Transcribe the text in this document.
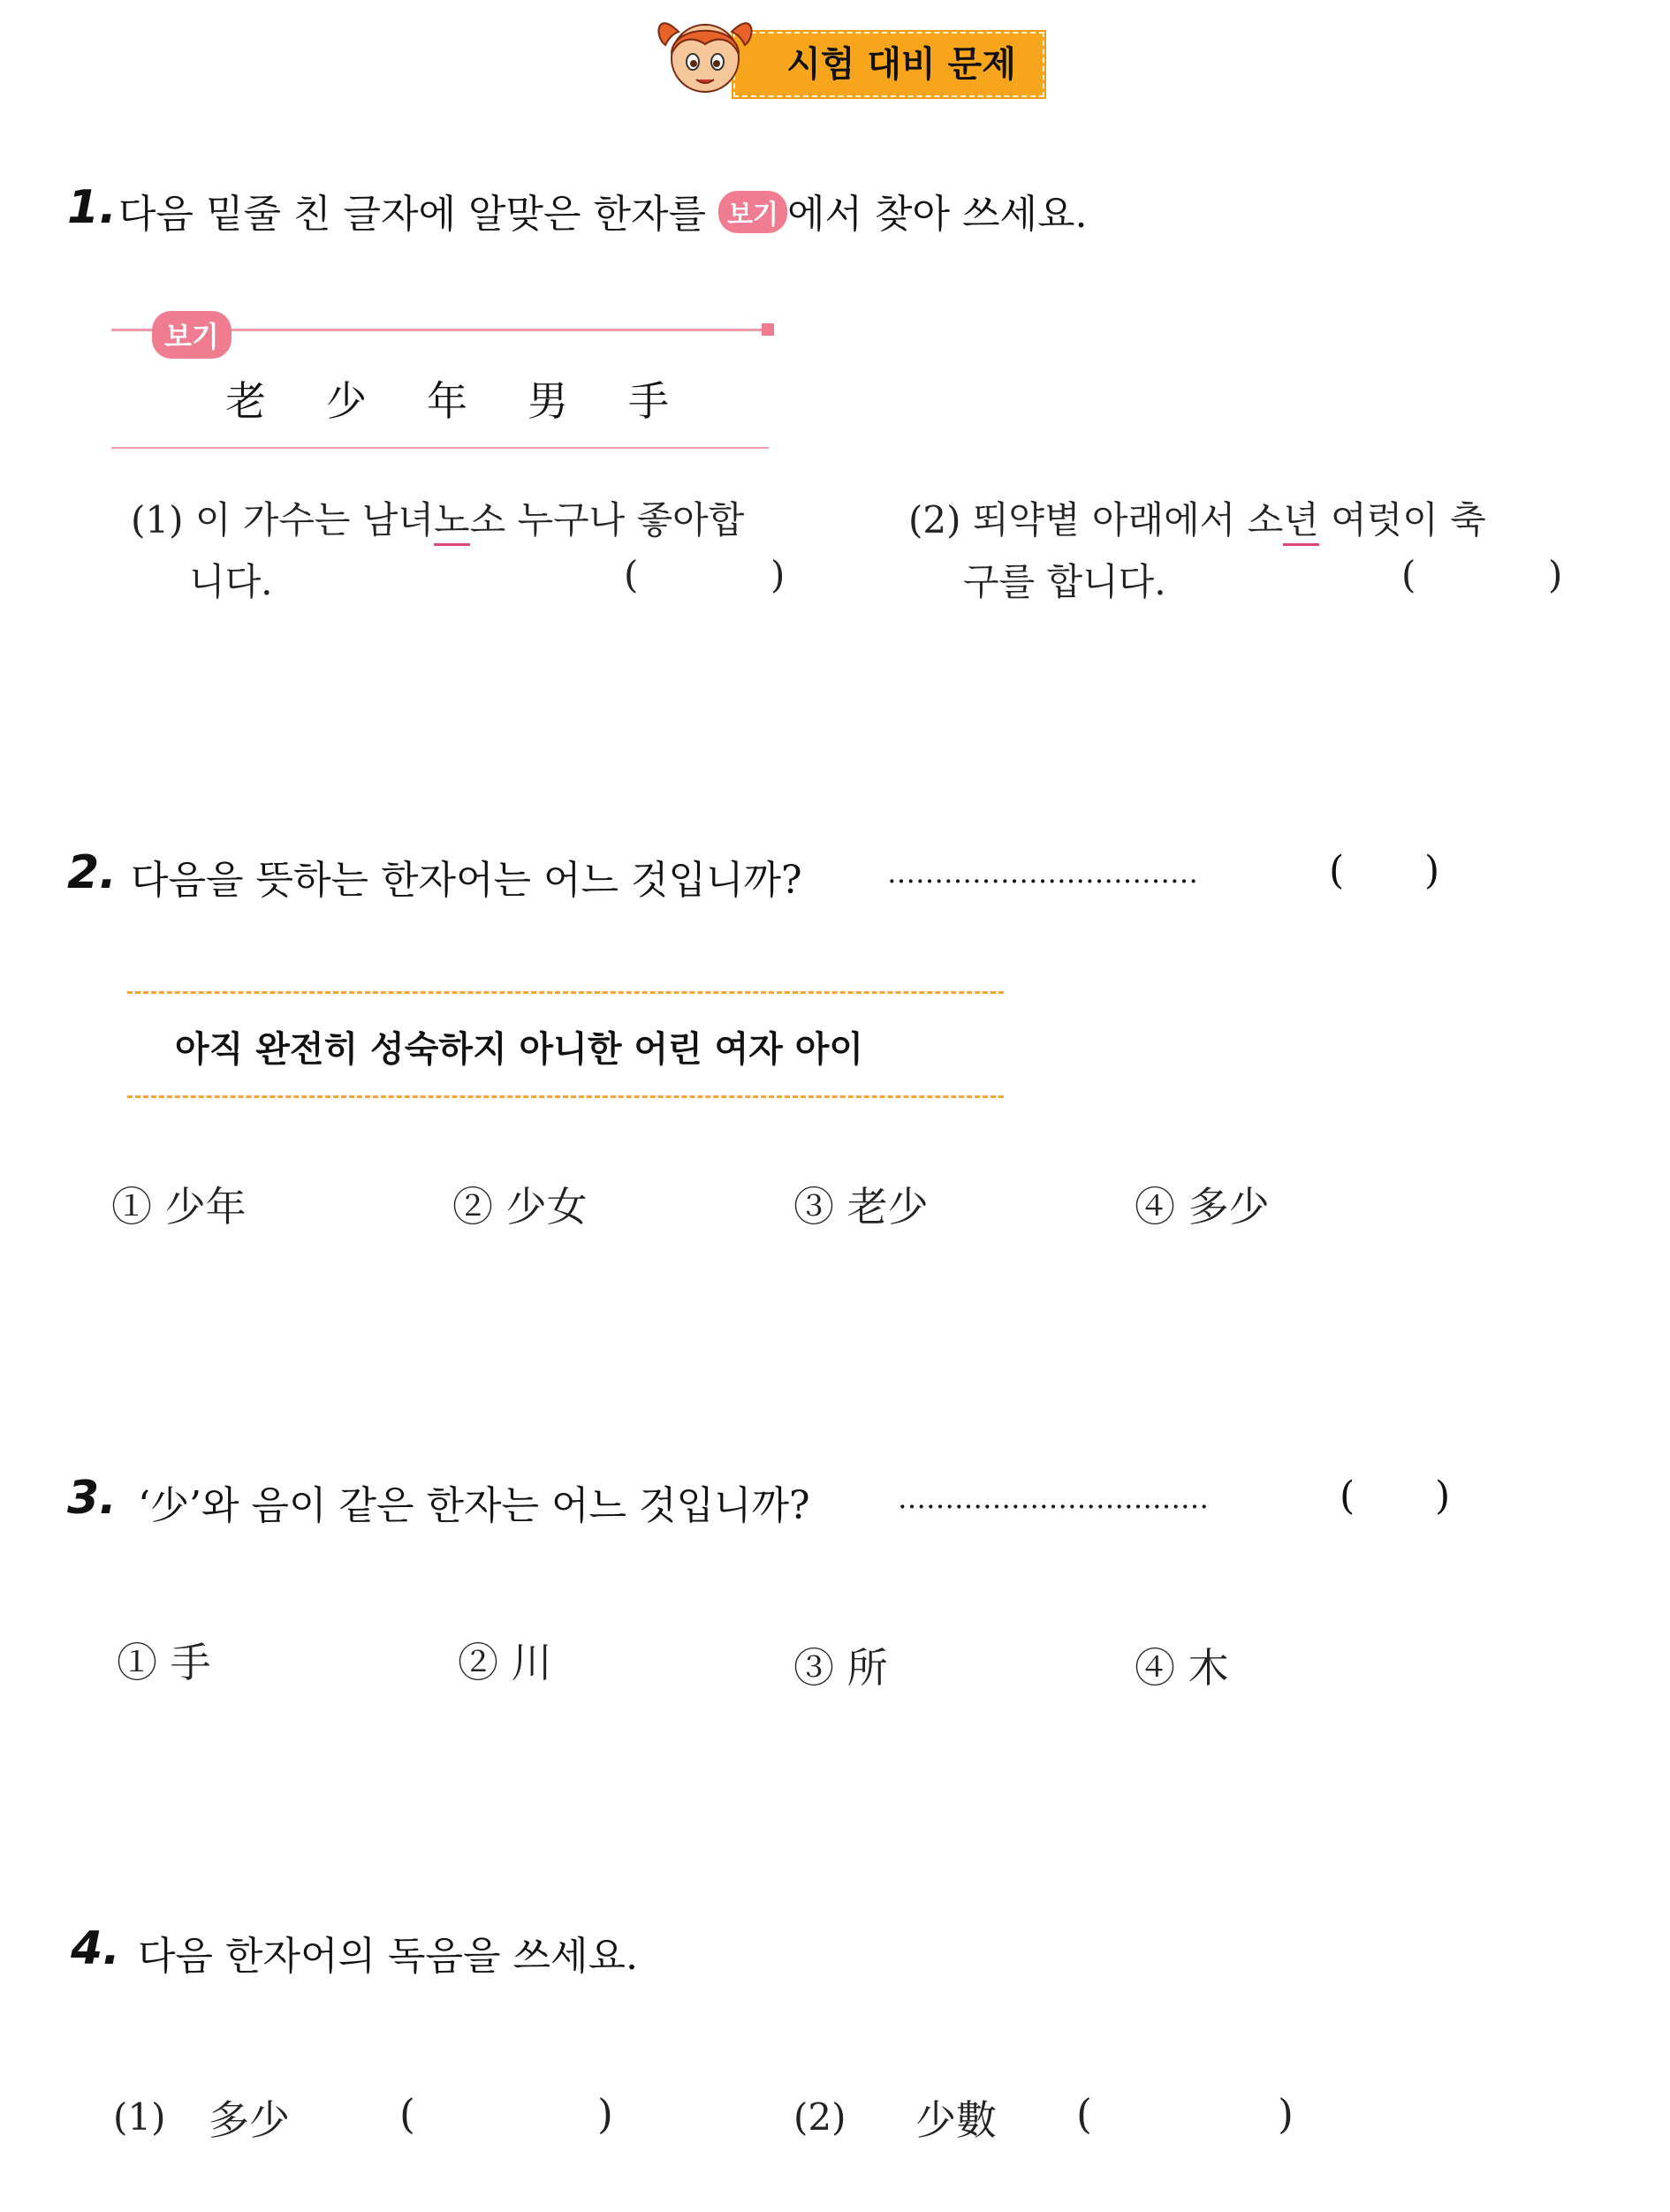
시험 대비 문제
1. 다음 밑줄 친 글자에 알맞은 한자를 보기 에서 찾아 쓰세요.
보기
老 少 年 男 手
(1) 이 가수는 남녀노소 누구나 좋아합
니다.	(	)
(2) 뙤약볕 아래에서 소년 여럿이 축
구를 합니다.	(	)
2. 다음을 뜻하는 한자어는 어느 것입니까?	……………………………	( )
아직 완전히 성숙하지 아니한 어린 여자 아이
① 少年	② 少女	③ 老少	④ 多少
3. ‘少’와 음이 같은 한자는 어느 것입니까?	……………………………	( )
① 手	② 川	③ 所	④ 木
4. 다음 한자어의 독음을 쓰세요.
(1) 多少	(	)	(2) 少數 (	)
